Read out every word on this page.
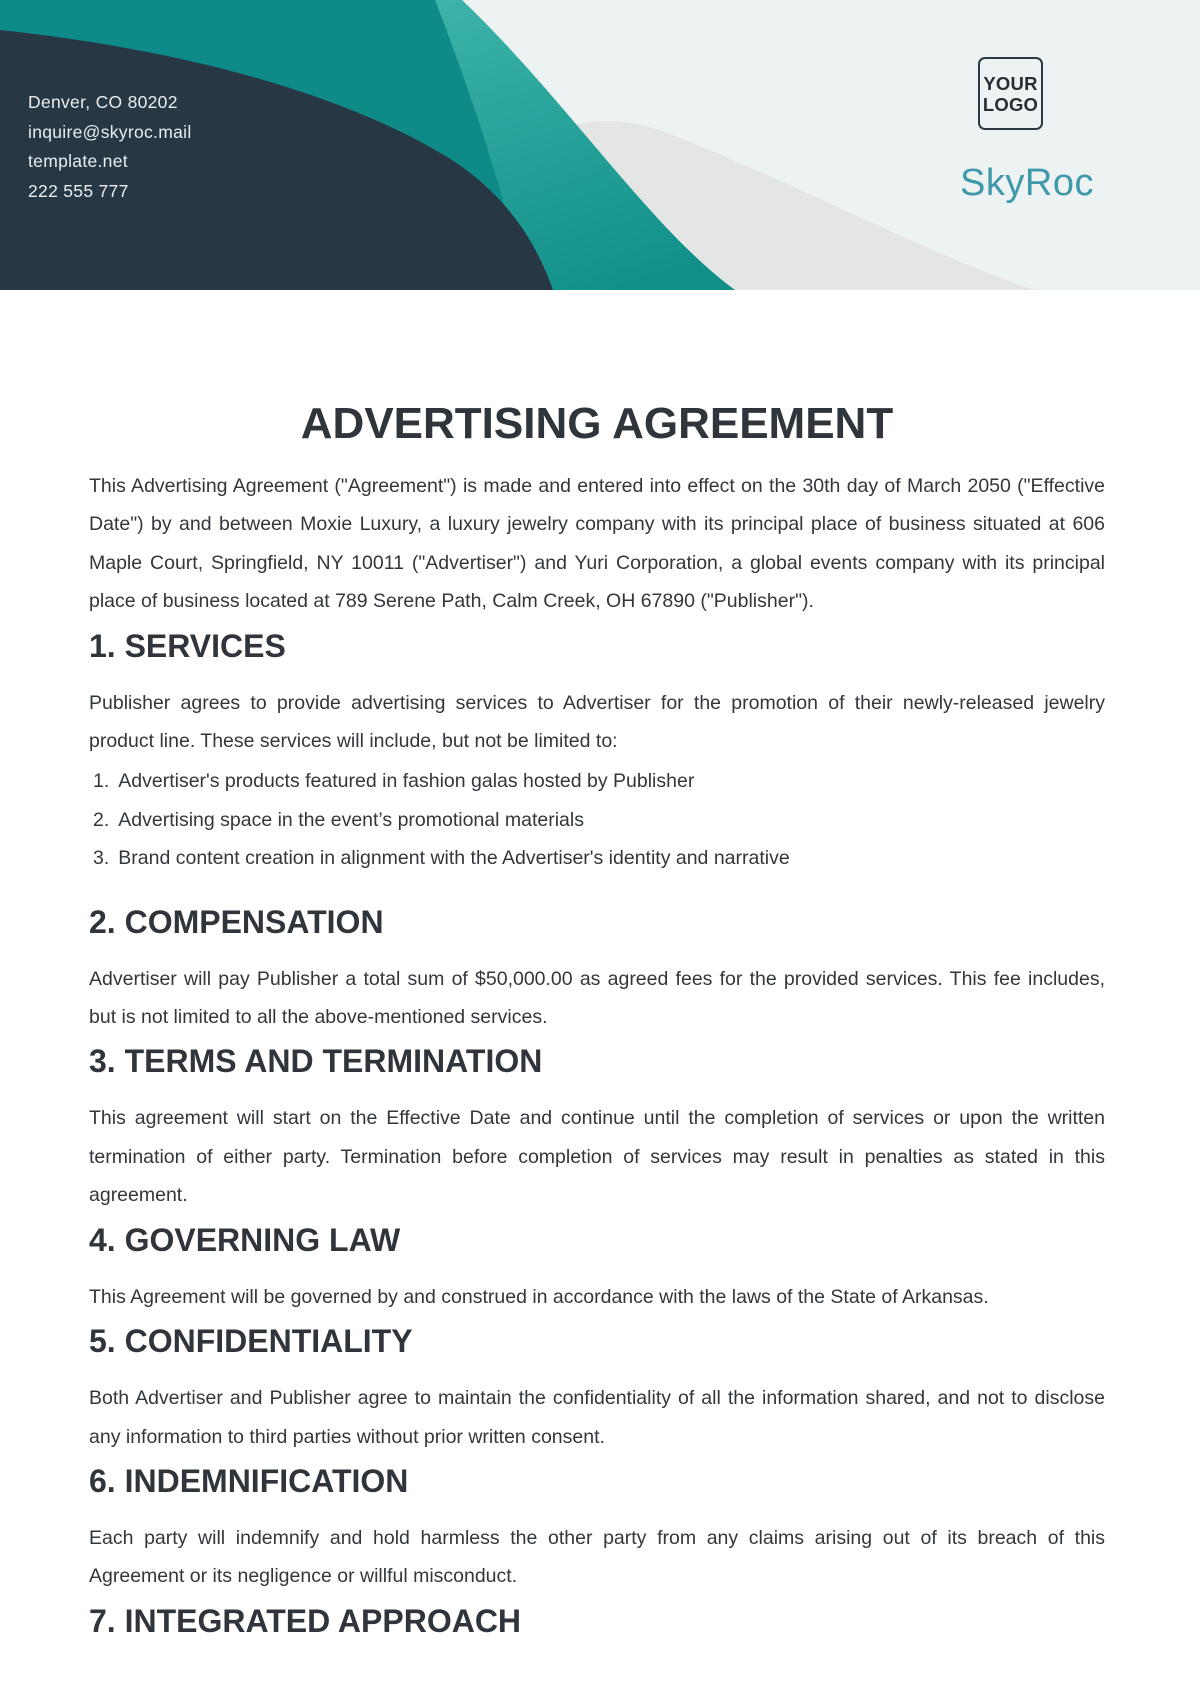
Denver, CO 80202
inquire@skyroc.mail
template.net
222 555 777
YOUR
LOGO
SkyRoc
ADVERTISING AGREEMENT

This Advertising Agreement ("Agreement") is made and entered into effect on the 30th day of March 2050 ("Effective Date") by and between Moxie Luxury, a luxury jewelry company with its principal place of business situated at 606 Maple Court, Springfield, NY 10011 ("Advertiser") and Yuri Corporation, a global events company with its principal place of business located at 789 Serene Path, Calm Creek, OH 67890 ("Publisher").

1. SERVICES

Publisher agrees to provide advertising services to Advertiser for the promotion of their newly-released jewelry product line. These services will include, but not be limited to:

1. Advertiser's products featured in fashion galas hosted by Publisher
2. Advertising space in the event’s promotional materials
3. Brand content creation in alignment with the Advertiser's identity and narrative
2. COMPENSATION

Advertiser will pay Publisher a total sum of $50,000.00 as agreed fees for the provided services. This fee includes, but is not limited to all the above-mentioned services.

3. TERMS AND TERMINATION

This agreement will start on the Effective Date and continue until the completion of services or upon the written termination of either party. Termination before completion of services may result in penalties as stated in this agreement.

4. GOVERNING LAW

This Agreement will be governed by and construed in accordance with the laws of the State of Arkansas.

5. CONFIDENTIALITY

Both Advertiser and Publisher agree to maintain the confidentiality of all the information shared, and not to disclose any information to third parties without prior written consent.

6. INDEMNIFICATION

Each party will indemnify and hold harmless the other party from any claims arising out of its breach of this Agreement or its negligence or willful misconduct.

7. INTEGRATED APPROACH
